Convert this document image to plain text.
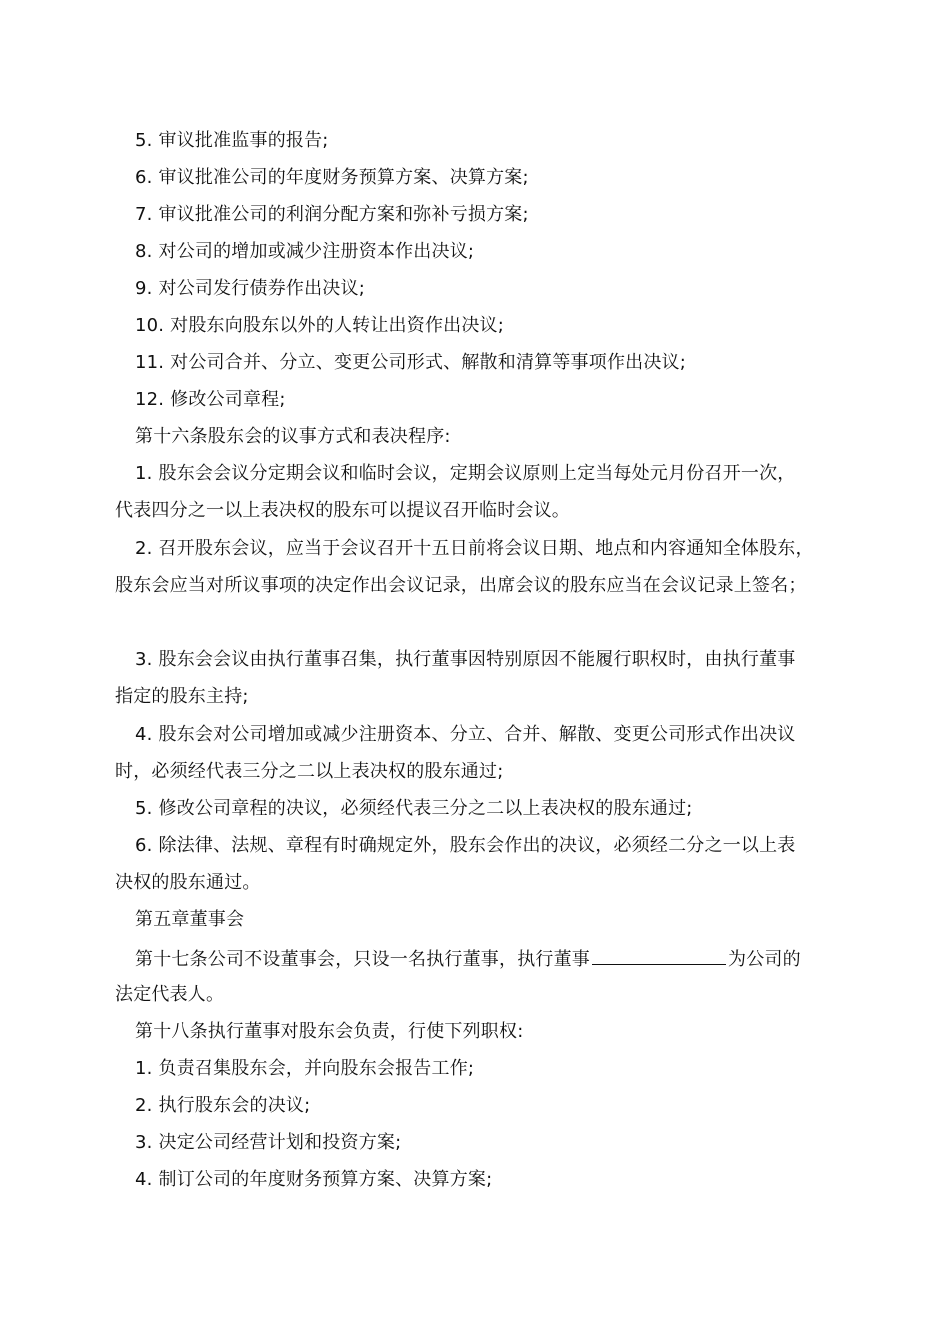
5. 审议批准监事的报告;
6. 审议批准公司的年度财务预算方案、决算方案;
7. 审议批准公司的利润分配方案和弥补亏损方案;
8. 对公司的增加或减少注册资本作出决议;
9. 对公司发行债券作出决议;
10. 对股东向股东以外的人转让出资作出决议;
11. 对公司合并、分立、变更公司形式、解散和清算等事项作出决议;
12. 修改公司章程;
第十六条股东会的议事方式和表决程序:
1. 股东会会议分定期会议和临时会议，定期会议原则上定当每处元月份召开一次，
代表四分之一以上表决权的股东可以提议召开临时会议。
2. 召开股东会议，应当于会议召开十五日前将会议日期、地点和内容通知全体股东，
股东会应当对所议事项的决定作出会议记录，出席会议的股东应当在会议记录上签名；
3. 股东会会议由执行董事召集，执行董事因特别原因不能履行职权时，由执行董事
指定的股东主持;
4. 股东会对公司增加或减少注册资本、分立、合并、解散、变更公司形式作出决议
时，必须经代表三分之二以上表决权的股东通过;
5. 修改公司章程的决议，必须经代表三分之二以上表决权的股东通过;
6. 除法律、法规、章程有时确规定外，股东会作出的决议，必须经二分之一以上表
决权的股东通过。
第五章董事会
第十七条公司不设董事会，只设一名执行董事，执行董事	为公司的
法定代表人。
第十八条执行董事对股东会负责，行使下列职权:
1. 负责召集股东会，并向股东会报告工作;
2. 执行股东会的决议;
3. 决定公司经营计划和投资方案;
4. 制订公司的年度财务预算方案、决算方案;
